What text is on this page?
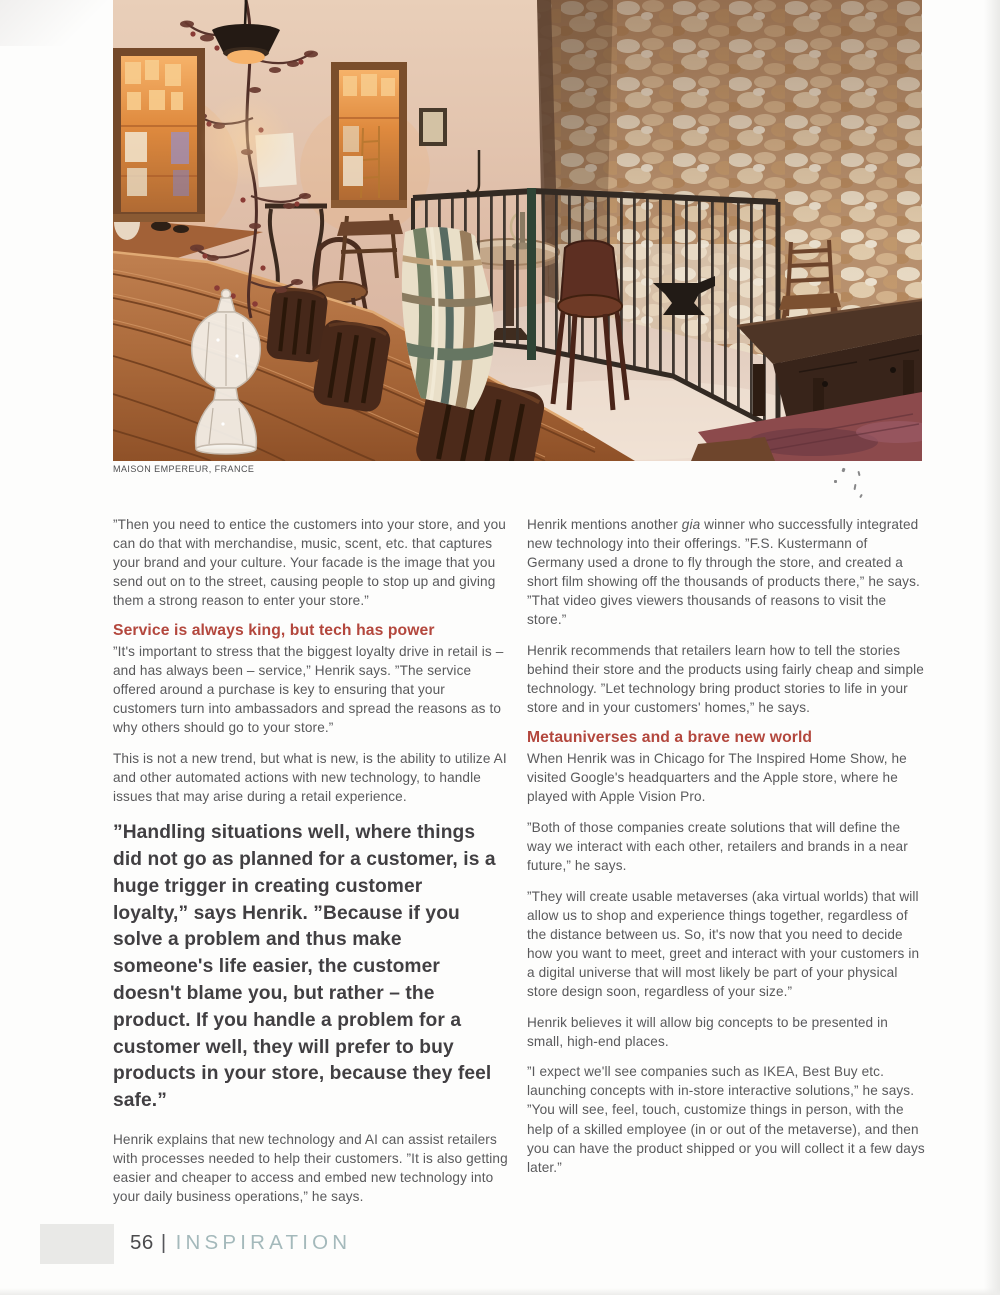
MAISON EMPEREUR, FRANCE

”Then you need to entice the customers into your store, and you can do that with merchandise, music, scent, etc. that captures your brand and your culture. Your facade is the image that you send out on to the street, causing people to stop up and giving them a strong reason to enter your store.”

Service is always king, but tech has power

”It's important to stress that the biggest loyalty drive in retail is – and has always been – service,” Henrik says. ”The service offered around a purchase is key to ensuring that your customers turn into ambassadors and spread the reasons as to why others should go to your store.”

This is not a new trend, but what is new, is the ability to utilize AI and other automated actions with new technology, to handle issues that may arise during a retail experience.

”Handling situations well, where things did not go as planned for a customer, is a huge trigger in creating customer loyalty,” says Henrik. ”Because if you solve a problem and thus make someone's life easier, the customer doesn't blame you, but rather – the product. If you handle a problem for a customer well, they will prefer to buy products in your store, because they feel safe.”

Henrik explains that new technology and AI can assist retailers with processes needed to help their customers. ”It is also getting easier and cheaper to access and embed new technology into your daily business operations,” he says.

Henrik mentions another gia winner who successfully integrated new technology into their offerings. ”F.S. Kustermann of Germany used a drone to fly through the store, and created a short film showing off the thousands of products there,” he says. ”That video gives viewers thousands of reasons to visit the store.”

Henrik recommends that retailers learn how to tell the stories behind their store and the products using fairly cheap and simple technology. ”Let technology bring product stories to life in your store and in your customers' homes,” he says.

Metauniverses and a brave new world

When Henrik was in Chicago for The Inspired Home Show, he visited Google's headquarters and the Apple store, where he played with Apple Vision Pro.

”Both of those companies create solutions that will define the way we interact with each other, retailers and brands in a near future,” he says.

”They will create usable metaverses (aka virtual worlds) that will allow us to shop and experience things together, regardless of the distance between us. So, it's now that you need to decide how you want to meet, greet and interact with your customers in a digital universe that will most likely be part of your physical store design soon, regardless of your size.”

Henrik believes it will allow big concepts to be presented in small, high-end places.

”I expect we'll see companies such as IKEA, Best Buy etc. launching concepts with in-store interactive solutions,” he says. ”You will see, feel, touch, customize things in person, with the help of a skilled employee (in or out of the metaverse), and then you can have the product shipped or you will collect it a few days later.”

56 | INSPIRATION
